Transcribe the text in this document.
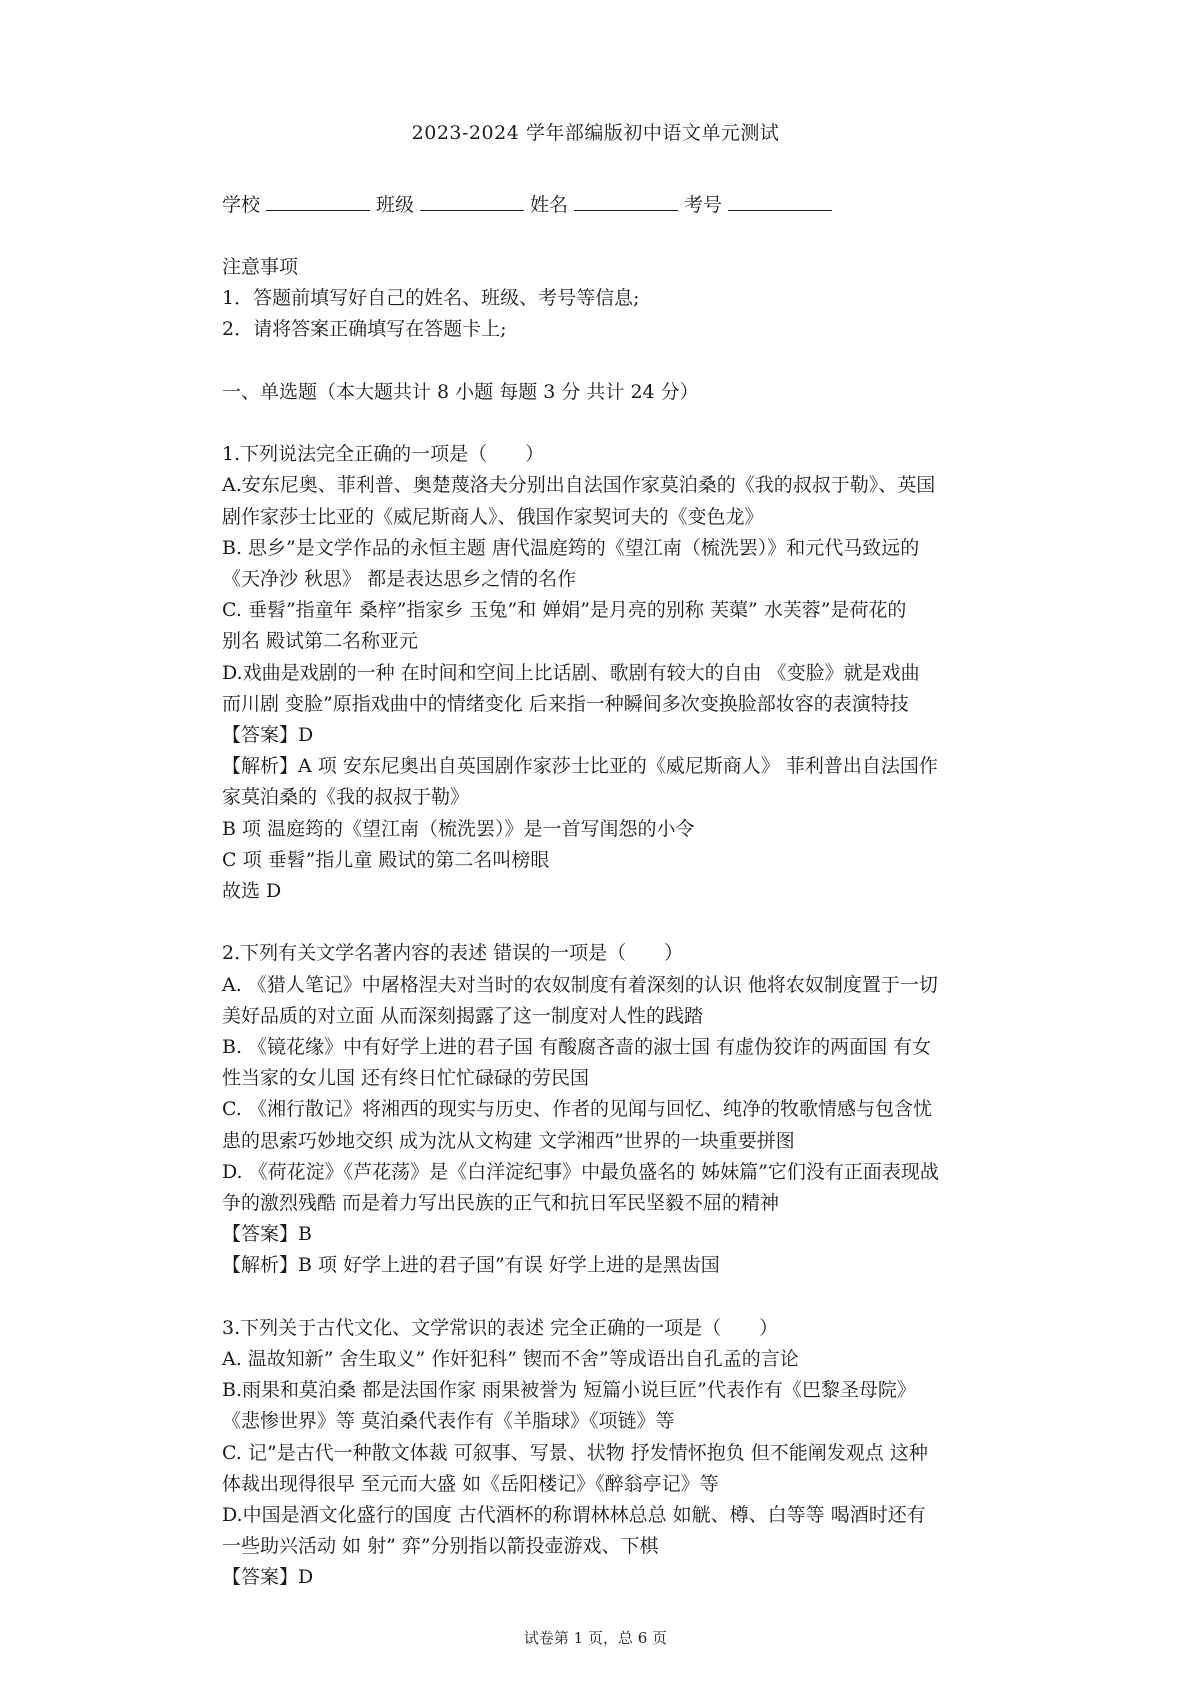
2023-2024 学年部编版初中语文单元测试
学校	班级	姓名	考号
注意事项
1．答题前填写好自己的姓名、班级、考号等信息;
2．请将答案正确填写在答题卡上;
一、单选题（本大题共计 8 小题 每题 3 分 共计 24 分）
1.下列说法完全正确的一项是（　　）
A.安东尼奥、菲利普、奥楚蔑洛夫分别出自法国作家莫泊桑的《我的叔叔于勒》、英国
剧作家莎士比亚的《威尼斯商人》、俄国作家契诃夫的《变色龙》
B. 思乡”是文学作品的永恒主题 唐代温庭筠的《望江南（梳洗罢）》和元代马致远的
《天净沙 秋思》 都是表达思乡之情的名作
C. 垂髫”指童年 桑梓”指家乡 玉兔”和 婵娟”是月亮的别称 芙蕖” 水芙蓉”是荷花的
别名 殿试第二名称亚元
D.戏曲是戏剧的一种 在时间和空间上比话剧、歌剧有较大的自由 《变脸》就是戏曲
而川剧 变脸”原指戏曲中的情绪变化 后来指一种瞬间多次变换脸部妆容的表演特技
【答案】D
【解析】A 项 安东尼奥出自英国剧作家莎士比亚的《威尼斯商人》 菲利普出自法国作
家莫泊桑的《我的叔叔于勒》
B 项 温庭筠的《望江南（梳洗罢）》是一首写闺怨的小令
C 项 垂髫”指儿童 殿试的第二名叫榜眼
故选 D
2.下列有关文学名著内容的表述 错误的一项是（　　）
A. 《猎人笔记》中屠格涅夫对当时的农奴制度有着深刻的认识 他将农奴制度置于一切
美好品质的对立面 从而深刻揭露了这一制度对人性的践踏
B. 《镜花缘》中有好学上进的君子国 有酸腐吝啬的淑士国 有虚伪狡诈的两面国 有女
性当家的女儿国 还有终日忙忙碌碌的劳民国
C. 《湘行散记》将湘西的现实与历史、作者的见闻与回忆、纯净的牧歌情感与包含忧
患的思索巧妙地交织 成为沈从文构建 文学湘西”世界的一块重要拼图
D. 《荷花淀》《芦花荡》是《白洋淀纪事》中最负盛名的 姊妹篇”它们没有正面表现战
争的激烈残酷 而是着力写出民族的正气和抗日军民坚毅不屈的精神
【答案】B
【解析】B 项 好学上进的君子国”有误 好学上进的是黑齿国
3.下列关于古代文化、文学常识的表述 完全正确的一项是（　　）
A. 温故知新” 舍生取义” 作奸犯科” 锲而不舍”等成语出自孔孟的言论
B.雨果和莫泊桑 都是法国作家 雨果被誉为 短篇小说巨匠”代表作有《巴黎圣母院》
《悲惨世界》等 莫泊桑代表作有《羊脂球》《项链》等
C. 记”是古代一种散文体裁 可叙事、写景、状物 抒发情怀抱负 但不能阐发观点 这种
体裁出现得很早 至元而大盛 如《岳阳楼记》《醉翁亭记》等
D.中国是酒文化盛行的国度 古代酒杯的称谓林林总总 如觥、樽、白等等 喝酒时还有
一些助兴活动 如 射” 弈”分别指以箭投壶游戏、下棋
【答案】D
试卷第 1 页，总 6 页
